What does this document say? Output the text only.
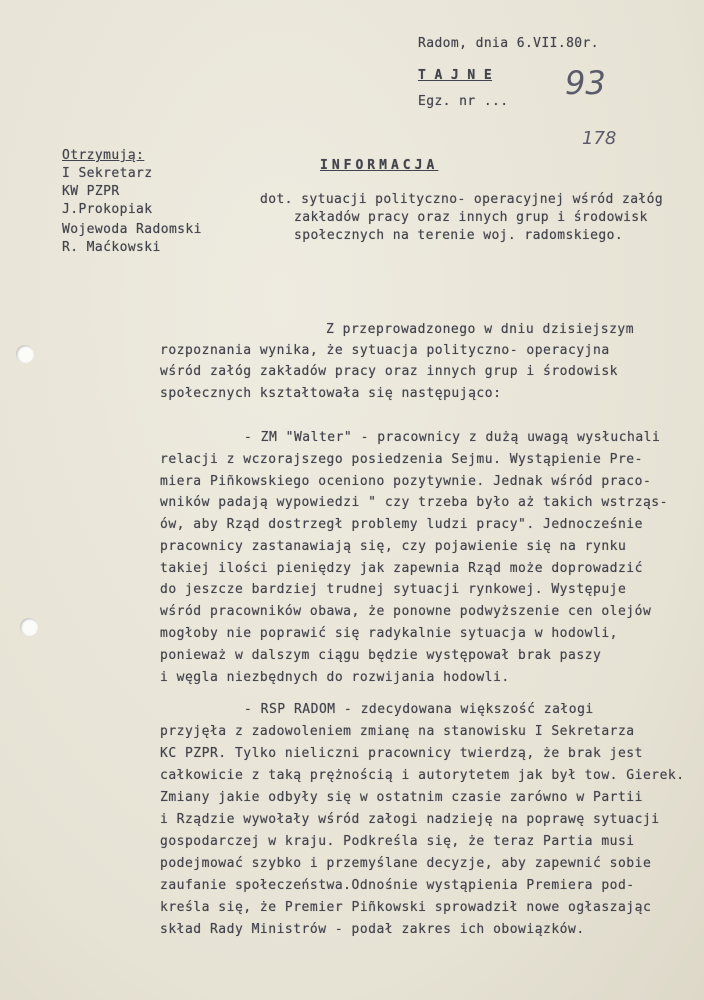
Radom, dnia 6.VII.80r.
T A J N E
Egz. nr ... 93
178
Otrzymują:
I Sekretarz
KW PZPR
J.Prokopiak
Wojewoda Radomski
R. Maćkowski
INFORMACJA
dot. sytuacji polityczno- operacyjnej wśród załóg
zakładów pracy oraz innych grup i środowisk
społecznych na terenie woj. radomskiego.
Z przeprowadzonego w dniu dzisiejszym
rozpoznania wynika, że sytuacja polityczno- operacyjna
wśród załóg zakładów pracy oraz innych grup i środowisk
społecznych kształtowała się następująco:
- ZM "Walter" - pracownicy z dużą uwagą wysłuchali
relacji z wczorajszego posiedzenia Sejmu. Wystąpienie Pre-
miera Piñkowskiego oceniono pozytywnie. Jednak wśród praco-
wników padają wypowiedzi " czy trzeba było aż takich wstrząs-
ów, aby Rząd dostrzegł problemy ludzi pracy". Jednocześnie
pracownicy zastanawiają się, czy pojawienie się na rynku
takiej ilości pieniędzy jak zapewnia Rząd może doprowadzić
do jeszcze bardziej trudnej sytuacji rynkowej. Występuje
wśród pracowników obawa, że ponowne podwyższenie cen olejów
mogłoby nie poprawić się radykalnie sytuacja w hodowli,
ponieważ w dalszym ciągu będzie występował brak paszy
i węgla niezbędnych do rozwijania hodowli.
- RSP RADOM - zdecydowana większość załogi
przyjęła z zadowoleniem zmianę na stanowisku I Sekretarza
KC PZPR. Tylko nieliczni pracownicy twierdzą, że brak jest
całkowicie z taką prężnością i autorytetem jak był tow. Gierek.
Zmiany jakie odbyły się w ostatnim czasie zarówno w Partii
i Rządzie wywołały wśród załogi nadzieję na poprawę sytuacji
gospodarczej w kraju. Podkreśla się, że teraz Partia musi
podejmować szybko i przemyślane decyzje, aby zapewnić sobie
zaufanie społeczeństwa.Odnośnie wystąpienia Premiera pod-
kreśla się, że Premier Piñkowski sprowadził nowe ogłaszając
skład Rady Ministrów - podał zakres ich obowiązków.
